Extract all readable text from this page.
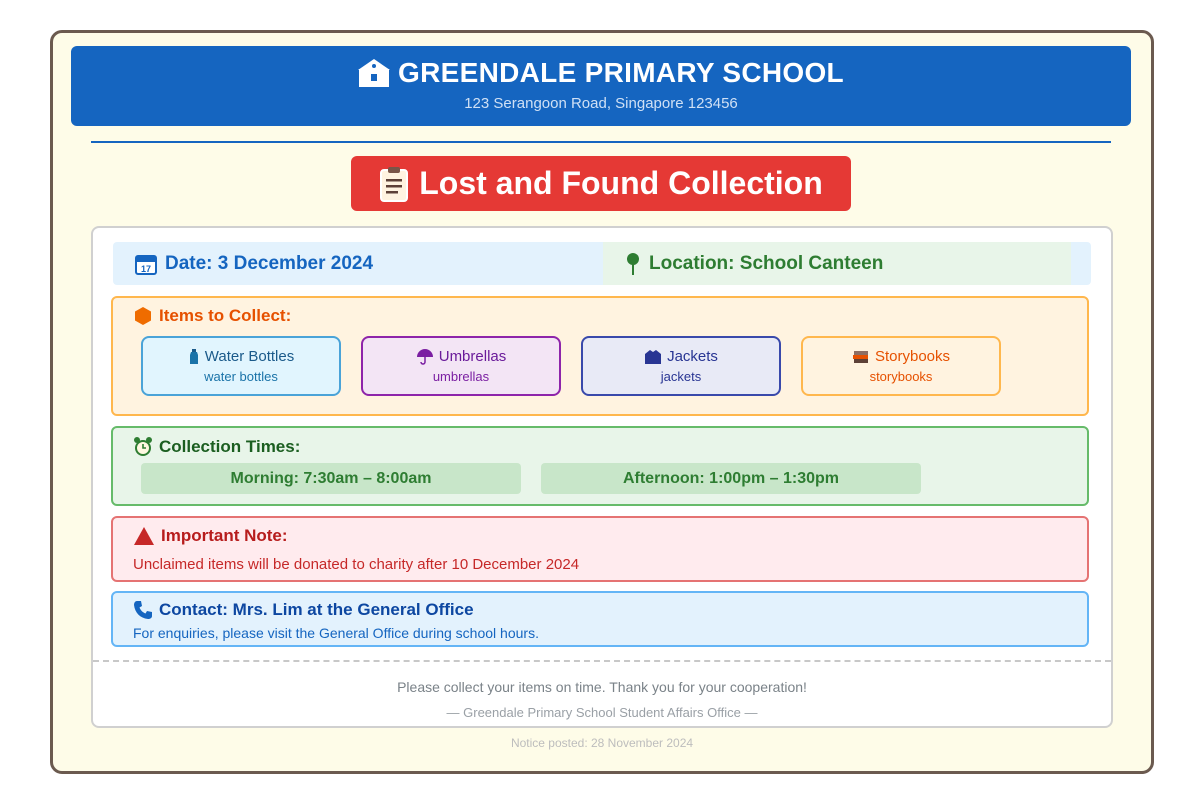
GREENDALE PRIMARY SCHOOL
123 Serangoon Road, Singapore 123456
Lost and Found Collection
17 Date: 3 December 2024	Location: School Canteen
Items to Collect:
Water Bottles
water bottles
Umbrellas
umbrellas
Jackets
jackets
Storybooks
storybooks
Collection Times:
Morning: 7:30am – 8:00am	Afternoon: 1:00pm – 1:30pm
Important Note:
Unclaimed items will be donated to charity after 10 December 2024
Contact: Mrs. Lim at the General Office
For enquiries, please visit the General Office during school hours.
Please collect your items on time. Thank you for your cooperation!
— Greendale Primary School Student Affairs Office —
Notice posted: 28 November 2024
